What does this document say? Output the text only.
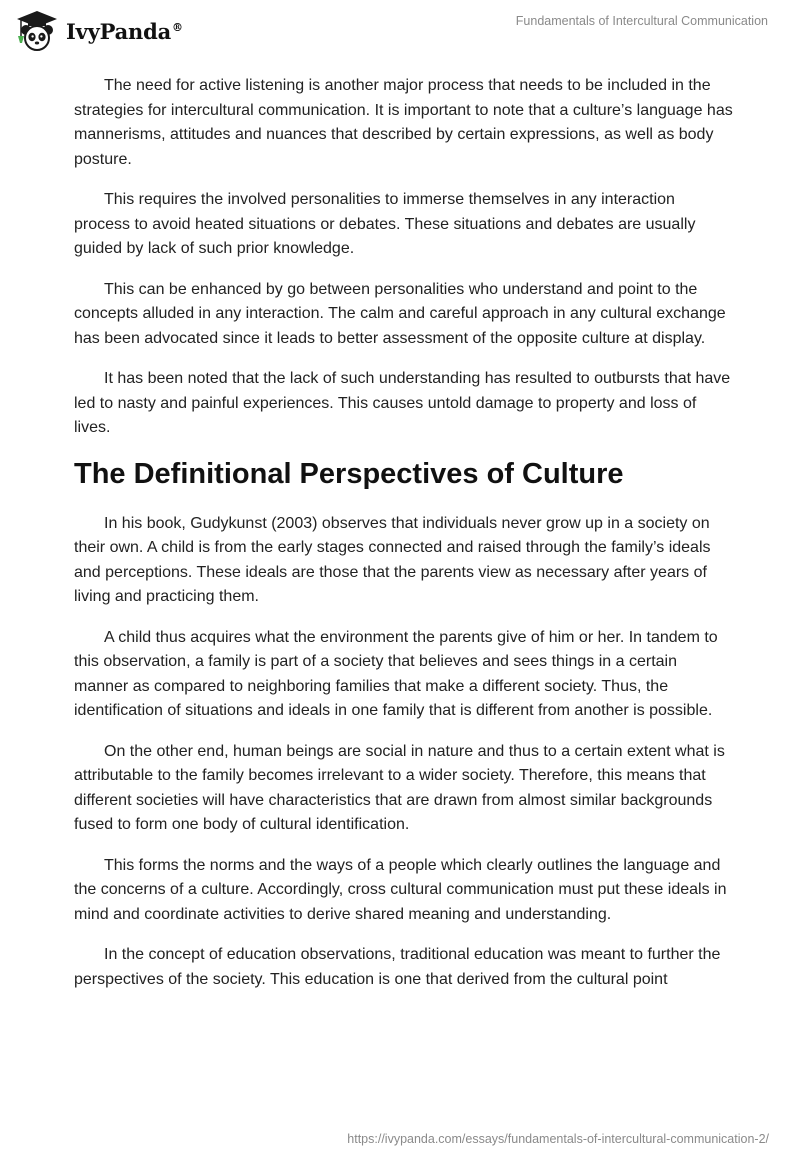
IvyPanda®	Fundamentals of Intercultural Communication

The need for active listening is another major process that needs to be included in the strategies for intercultural communication. It is important to note that a culture’s language has mannerisms, attitudes and nuances that described by certain expressions, as well as body posture.

This requires the involved personalities to immerse themselves in any interaction process to avoid heated situations or debates. These situations and debates are usually guided by lack of such prior knowledge.

This can be enhanced by go between personalities who understand and point to the concepts alluded in any interaction. The calm and careful approach in any cultural exchange has been advocated since it leads to better assessment of the opposite culture at display.

It has been noted that the lack of such understanding has resulted to outbursts that have led to nasty and painful experiences. This causes untold damage to property and loss of lives.

The Definitional Perspectives of Culture

In his book, Gudykunst (2003) observes that individuals never grow up in a society on their own. A child is from the early stages connected and raised through the family’s ideals and perceptions. These ideals are those that the parents view as necessary after years of living and practicing them.

A child thus acquires what the environment the parents give of him or her. In tandem to this observation, a family is part of a society that believes and sees things in a certain manner as compared to neighboring families that make a different society. Thus, the identification of situations and ideals in one family that is different from another is possible.

On the other end, human beings are social in nature and thus to a certain extent what is attributable to the family becomes irrelevant to a wider society. Therefore, this means that different societies will have characteristics that are drawn from almost similar backgrounds fused to form one body of cultural identification.

This forms the norms and the ways of a people which clearly outlines the language and the concerns of a culture. Accordingly, cross cultural communication must put these ideals in mind and coordinate activities to derive shared meaning and understanding.

In the concept of education observations, traditional education was meant to further the perspectives of the society. This education is one that derived from the cultural point

https://ivypanda.com/essays/fundamentals-of-intercultural-communication-2/
